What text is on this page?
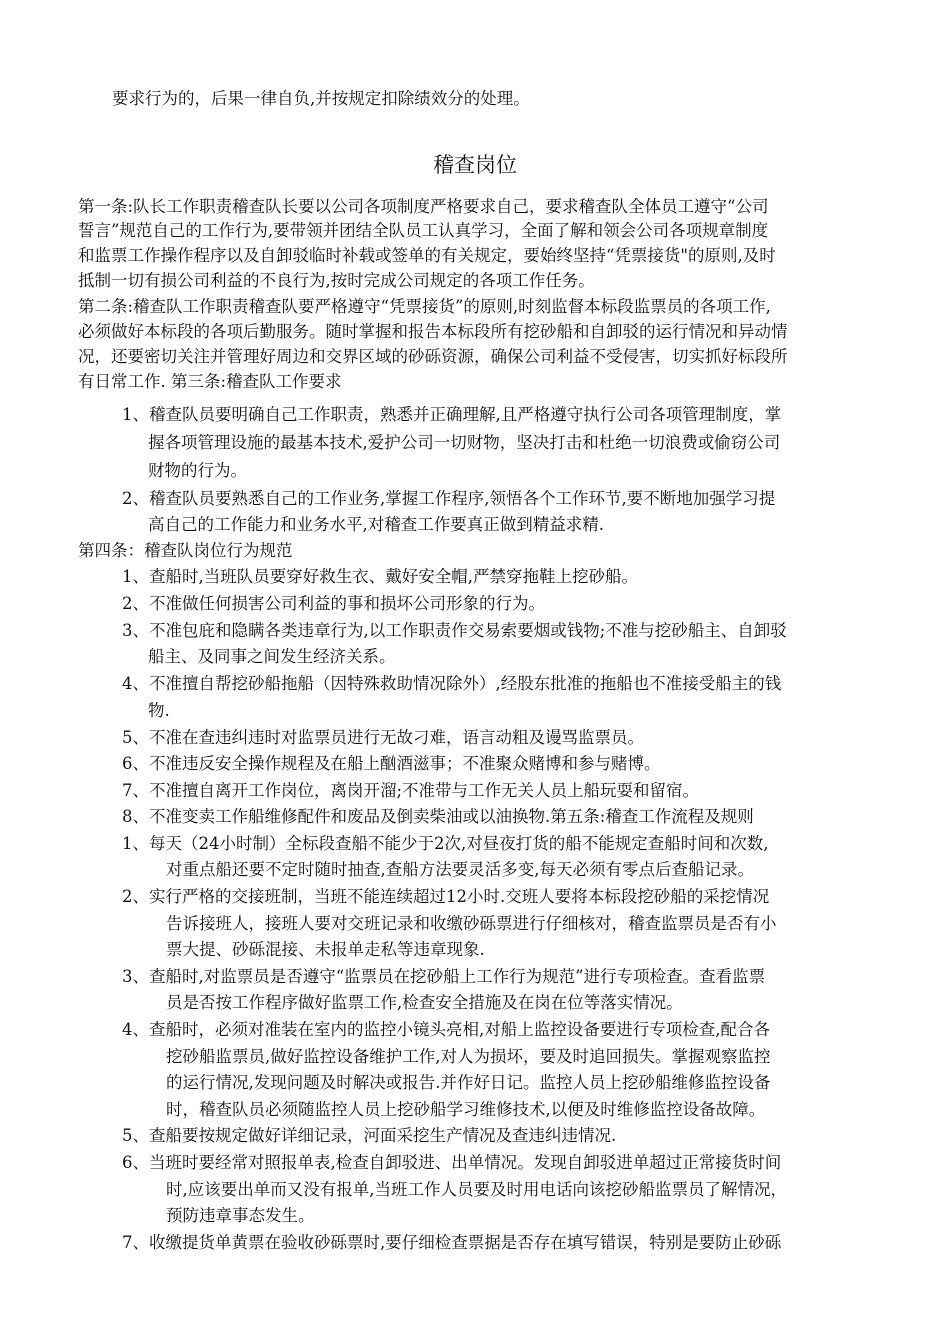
要求行为的，后果一律自负,并按规定扣除绩效分的处理。
稽查岗位
第一条:队长工作职责稽查队长要以公司各项制度严格要求自己，要求稽查队全体员工遵守“公司
誓言”规范自己的工作行为,要带领并团结全队员工认真学习，全面了解和领会公司各项规章制度
和监票工作操作程序以及自卸驳临时补载或签单的有关规定，要始终坚持“凭票接货"的原则,及时
抵制一切有损公司利益的不良行为,按时完成公司规定的各项工作任务。
第二条:稽查队工作职责稽查队要严格遵守“凭票接货”的原则,时刻监督本标段监票员的各项工作,
必须做好本标段的各项后勤服务。随时掌握和报告本标段所有挖砂船和自卸驳的运行情况和异动情
况，还要密切关注并管理好周边和交界区域的砂砾资源，确保公司利益不受侵害，切实抓好标段所
有日常工作. 第三条:稽查队工作要求
1、稽查队员要明确自己工作职责，熟悉并正确理解,且严格遵守执行公司各项管理制度，掌
握各项管理设施的最基本技术,爱护公司一切财物，坚决打击和杜绝一切浪费或偷窃公司
财物的行为。
2、稽查队员要熟悉自己的工作业务,掌握工作程序,领悟各个工作环节,要不断地加强学习提
高自己的工作能力和业务水平,对稽查工作要真正做到精益求精.
第四条：稽查队岗位行为规范
1、查船时,当班队员要穿好救生衣、戴好安全帽,严禁穿拖鞋上挖砂船。
2、不准做任何损害公司利益的事和损坏公司形象的行为。
3、不准包庇和隐瞒各类违章行为,以工作职责作交易索要烟或钱物;不准与挖砂船主、自卸驳
船主、及同事之间发生经济关系。
4、不准擅自帮挖砂船拖船（因特殊救助情况除外）,经股东批准的拖船也不准接受船主的钱
物.
5、不准在查违纠违时对监票员进行无故刁难，语言动粗及谩骂监票员。
6、不准违反安全操作规程及在船上酗酒滋事；不准聚众赌博和参与赌博。
7、不准擅自离开工作岗位，离岗开溜;不准带与工作无关人员上船玩耍和留宿。
8、不准变卖工作船维修配件和废品及倒卖柴油或以油换物.第五条:稽查工作流程及规则
1、每天（24小时制）全标段查船不能少于2次,对昼夜打货的船不能规定查船时间和次数,
对重点船还要不定时随时抽查,查船方法要灵活多变,每天必须有零点后查船记录。
2、实行严格的交接班制，当班不能连续超过12小时.交班人要将本标段挖砂船的采挖情况
告诉接班人，接班人要对交班记录和收缴砂砾票进行仔细核对，稽查监票员是否有小
票大提、砂砾混接、未报单走私等违章现象.
3、查船时,对监票员是否遵守“监票员在挖砂船上工作行为规范”进行专项检查。查看监票
员是否按工作程序做好监票工作,检查安全措施及在岗在位等落实情况。
4、查船时，必须对准装在室内的监控小镜头亮相,对船上监控设备要进行专项检查,配合各
挖砂船监票员,做好监控设备维护工作,对人为损坏，要及时追回损失。掌握观察监控
的运行情况,发现问题及时解决或报告.并作好日记。监控人员上挖砂船维修监控设备
时，稽查队员必须随监控人员上挖砂船学习维修技术,以便及时维修监控设备故障。
5、查船要按规定做好详细记录，河面采挖生产情况及查违纠违情况.
6、当班时要经常对照报单表,检查自卸驳进、出单情况。发现自卸驳进单超过正常接货时间
时,应该要出单而又没有报单,当班工作人员要及时用电话向该挖砂船监票员了解情况，
预防违章事态发生。
7、收缴提货单黄票在验收砂砾票时,要仔细检查票据是否存在填写错误，特别是要防止砂砾
